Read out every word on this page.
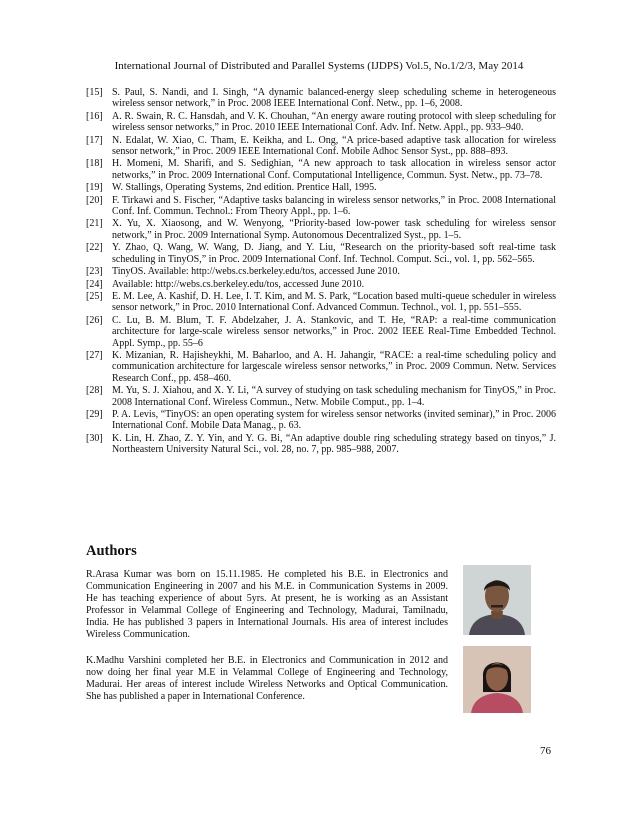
International Journal of Distributed and Parallel Systems (IJDPS) Vol.5, No.1/2/3, May 2014
[15] S. Paul, S. Nandi, and I. Singh, “A dynamic balanced-energy sleep scheduling scheme in heterogeneous wireless sensor network,” in Proc. 2008 IEEE International Conf. Netw., pp. 1–6, 2008.
[16] A. R. Swain, R. C. Hansdah, and V. K. Chouhan, “An energy aware routing protocol with sleep scheduling for wireless sensor networks,” in Proc. 2010 IEEE International Conf. Adv. Inf. Netw. Appl., pp. 933–940.
[17] N. Edalat, W. Xiao, C. Tham, E. Keikha, and L. Ong, “A price-based adaptive task allocation for wireless sensor network,” in Proc. 2009 IEEE International Conf. Mobile Adhoc Sensor Syst., pp. 888–893.
[18] H. Momeni, M. Sharifi, and S. Sedighian, “A new approach to task allocation in wireless sensor actor networks,” in Proc. 2009 International Conf. Computational Intelligence, Commun. Syst. Netw., pp. 73–78.
[19] W. Stallings, Operating Systems, 2nd edition. Prentice Hall, 1995.
[20] F. Tirkawi and S. Fischer, “Adaptive tasks balancing in wireless sensor networks,” in Proc. 2008 International Conf. Inf. Commun. Technol.: From Theory Appl., pp. 1–6.
[21] X. Yu, X. Xiaosong, and W. Wenyong, “Priority-based low-power task scheduling for wireless sensor network,” in Proc. 2009 International Symp. Autonomous Decentralized Syst., pp. 1–5.
[22] Y. Zhao, Q. Wang, W. Wang, D. Jiang, and Y. Liu, “Research on the priority-based soft real-time task scheduling in TinyOS,” in Proc. 2009 International Conf. Inf. Technol. Comput. Sci., vol. 1, pp. 562–565.
[23] TinyOS. Available: http://webs.cs.berkeley.edu/tos, accessed June 2010.
[24] Available: http://webs.cs.berkeley.edu/tos, accessed June 2010.
[25] E. M. Lee, A. Kashif, D. H. Lee, I. T. Kim, and M. S. Park, “Location based multi-queue scheduler in wireless sensor network,” in Proc. 2010 International Conf. Advanced Commun. Technol., vol. 1, pp. 551–555.
[26] C. Lu, B. M. Blum, T. F. Abdelzaher, J. A. Stankovic, and T. He, “RAP: a real-time communication architecture for large-scale wireless sensor networks,” in Proc. 2002 IEEE Real-Time Embedded Technol. Appl. Symp., pp. 55–6
[27] K. Mizanian, R. Hajisheykhi, M. Baharloo, and A. H. Jahangir, “RACE: a real-time scheduling policy and communication architecture for largescale wireless sensor networks,” in Proc. 2009 Commun. Netw. Services Research Conf., pp. 458–460.
[28] M. Yu, S. J. Xiahou, and X. Y. Li, “A survey of studying on task scheduling mechanism for TinyOS,” in Proc. 2008 International Conf. Wireless Commun., Netw. Mobile Comput., pp. 1–4.
[29] P. A. Levis, “TinyOS: an open operating system for wireless sensor networks (invited seminar),” in Proc. 2006 International Conf. Mobile Data Manag., p. 63.
[30] K. Lin, H. Zhao, Z. Y. Yin, and Y. G. Bi, “An adaptive double ring scheduling strategy based on tinyos,” J. Northeastern University Natural Sci., vol. 28, no. 7, pp. 985–988, 2007.
Authors
R.Arasa Kumar was born on 15.11.1985. He completed his B.E. in Electronics and Communication Engineering in 2007 and his M.E. in Communication Systems in 2009. He has teaching experience of about 5yrs. At present, he is working as an Assistant Professor in Velammal College of Engineering and Technology, Madurai, Tamilnadu, India. He has published 3 papers in International Journals. His area of interest includes Wireless Communication.
K.Madhu Varshini completed her B.E. in Electronics and Communication in 2012 and now doing her final year M.E in Velammal College of Engineering and Technology, Madurai. Her areas of interest include Wireless Networks and Optical Communication. She has published a paper in International Conference.
76
